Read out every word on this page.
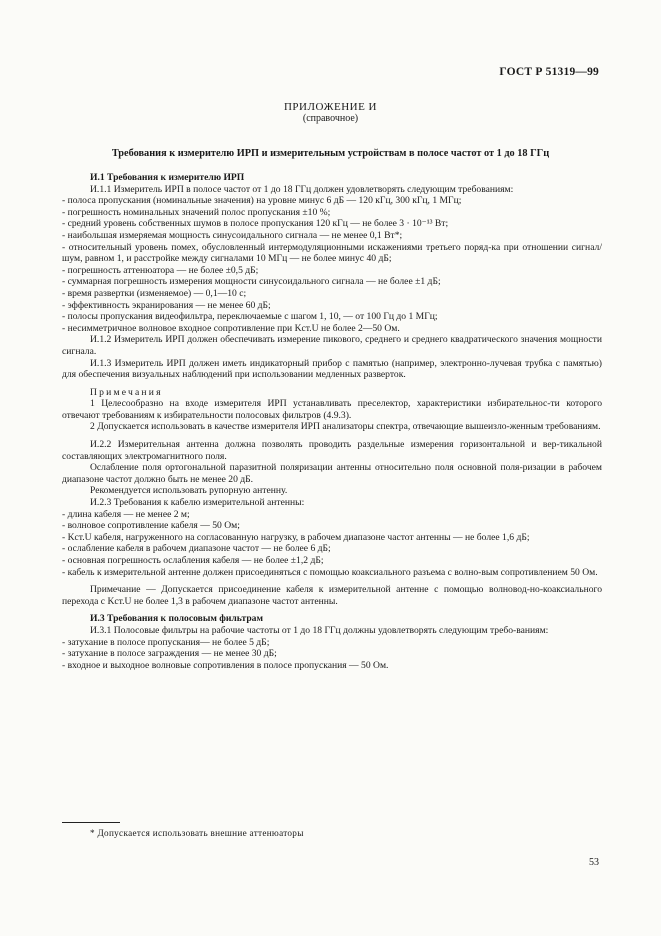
ГОСТ Р 51319—99
ПРИЛОЖЕНИЕ И
(справочное)
Требования к измерителю ИРП и измерительным устройствам в полосе частот от 1 до 18 ГГц

И.1 Требования к измерителю ИРП

И.1.1 Измеритель ИРП в полосе частот от 1 до 18 ГГц должен удовлетворять следующим требованиям:

- полоса пропускания (номинальные значения) на уровне минус 6 дБ — 120 кГц, 300 кГц, 1 МГц;

- погрешность номинальных значений полос пропускания ±10 %;

- средний уровень собственных шумов в полосе пропускания 120 кГц — не более 3 · 10⁻¹³ Вт;

- наибольшая измеряемая мощность синусоидального сигнала — не менее 0,1 Вт*;

- относительный уровень помех, обусловленный интермодуляционными искажениями третьего поряд-ка при отношении сигнал/шум, равном 1, и расстройке между сигналами 10 МГц — не более минус 40 дБ;

- погрешность аттенюатора — не более ±0,5 дБ;

- суммарная погрешность измерения мощности синусоидального сигнала — не более ±1 дБ;

- время развертки (изменяемое) — 0,1—10 с;

- эффективность экранирования — не менее 60 дБ;

- полосы пропускания видеофильтра, переключаемые с шагом 1, 10, — от 100 Гц до 1 МГц;

- несимметричное волновое входное сопротивление при Kст.U не более 2—50 Ом.

И.1.2 Измеритель ИРП должен обеспечивать измерение пикового, среднего и среднего квадратического значения мощности сигнала.

И.1.3 Измеритель ИРП должен иметь индикаторный прибор с памятью (например, электронно-лучевая трубка с памятью) для обеспечения визуальных наблюдений при использовании медленных разверток.

Примечания

1 Целесообразно на входе измерителя ИРП устанавливать преселектор, характеристики избирательнос-ти которого отвечают требованиям к избирательности полосовых фильтров (4.9.3).

2 Допускается использовать в качестве измерителя ИРП анализаторы спектра, отвечающие вышеизло-женным требованиям.

И.2.2 Измерительная антенна должна позволять проводить раздельные измерения горизонтальной и вер-тикальной составляющих электромагнитного поля.

Ослабление поля ортогональной паразитной поляризации антенны относительно поля основной поля-ризации в рабочем диапазоне частот должно быть не менее 20 дБ.

Рекомендуется использовать рупорную антенну.

И.2.3 Требования к кабелю измерительной антенны:

- длина кабеля — не менее 2 м;

- волновое сопротивление кабеля — 50 Ом;

- Kст.U кабеля, нагруженного на согласованную нагрузку, в рабочем диапазоне частот антенны — не более 1,6 дБ;

- ослабление кабеля в рабочем диапазоне частот — не более 6 дБ;

- основная погрешность ослабления кабеля — не более ±1,2 дБ;

- кабель к измерительной антенне должен присоединяться с помощью коаксиального разъема с волно-вым сопротивлением 50 Ом.

Примечание — Допускается присоединение кабеля к измерительной антенне с помощью волновод-но-коаксиального перехода с Kст.U не более 1,3 в рабочем диапазоне частот антенны.

И.3 Требования к полосовым фильтрам

И.3.1 Полосовые фильтры на рабочие частоты от 1 до 18 ГГц должны удовлетворять следующим требо-ваниям:

- затухание в полосе пропускания— не более 5 дБ;

- затухание в полосе заграждения — не менее 30 дБ;

- входное и выходное волновые сопротивления в полосе пропускания — 50 Ом.

* Допускается использовать внешние аттенюаторы
53
